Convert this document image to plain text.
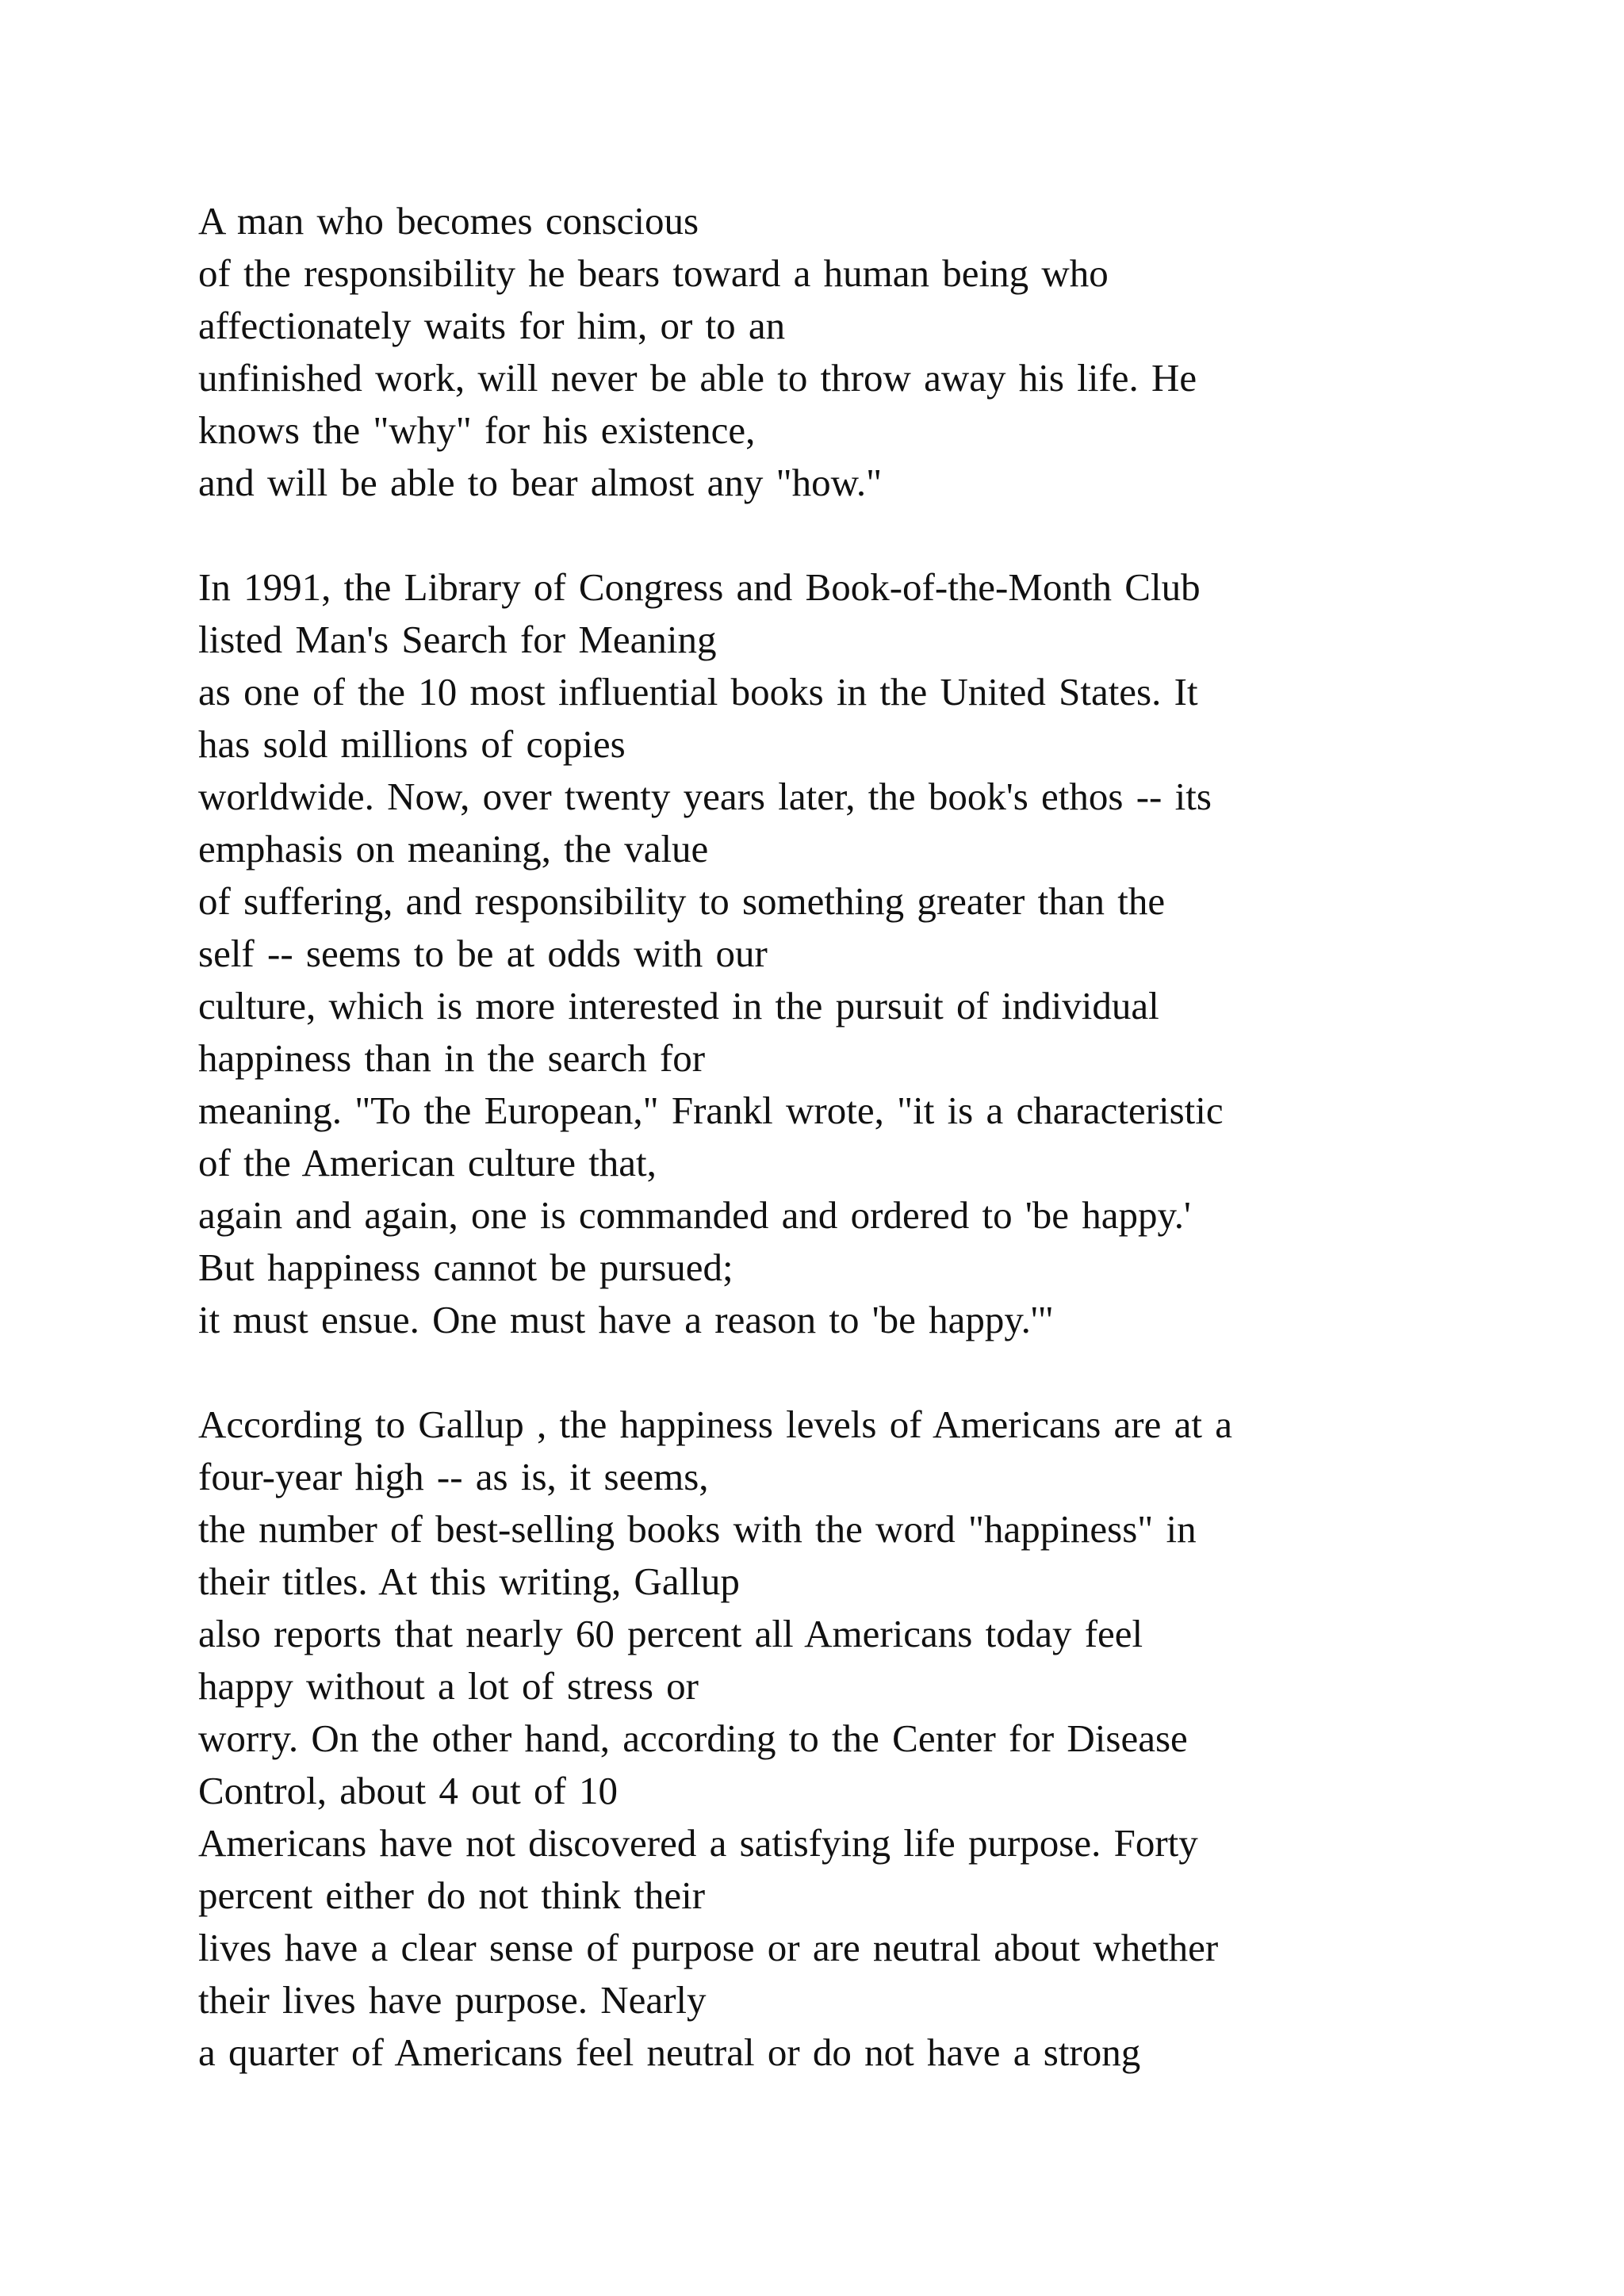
A man who becomes conscious
of the responsibility he bears toward a human being who
affectionately waits for him, or to an
unfinished work, will never be able to throw away his life. He
knows the "why" for his existence,
and will be able to bear almost any "how."
In 1991, the Library of Congress and Book-of-the-Month Club
listed Man's Search for Meaning
as one of the 10 most influential books in the United States. It
has sold millions of copies
worldwide. Now, over twenty years later, the book's ethos -- its
emphasis on meaning, the value
of suffering, and responsibility to something greater than the
self -- seems to be at odds with our
culture, which is more interested in the pursuit of individual
happiness than in the search for
meaning. "To the European," Frankl wrote, "it is a characteristic
of the American culture that,
again and again, one is commanded and ordered to 'be happy.'
But happiness cannot be pursued;
it must ensue. One must have a reason to 'be happy.'"
According to Gallup , the happiness levels of Americans are at a
four-year high -- as is, it seems,
the number of best-selling books with the word "happiness" in
their titles. At this writing, Gallup
also reports that nearly 60 percent all Americans today feel
happy without a lot of stress or
worry. On the other hand, according to the Center for Disease
Control, about 4 out of 10
Americans have not discovered a satisfying life purpose. Forty
percent either do not think their
lives have a clear sense of purpose or are neutral about whether
their lives have purpose. Nearly
a quarter of Americans feel neutral or do not have a strong
